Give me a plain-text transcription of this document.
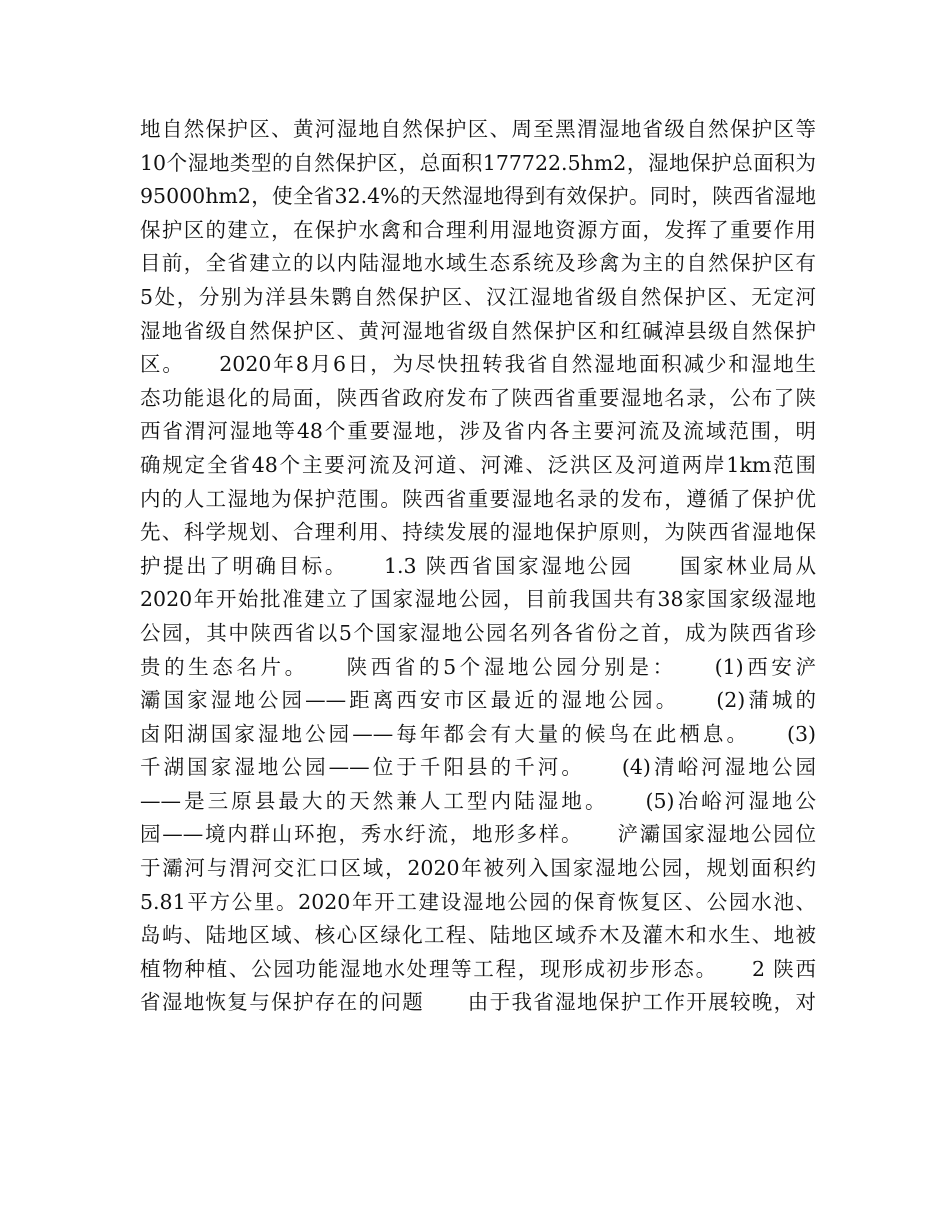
地自然保护区、黄河湿地自然保护区、周至黑渭湿地省级自然保护区等
10个湿地类型的自然保护区，总面积177722.5hm2，湿地保护总面积为
95000hm2，使全省32.4%的天然湿地得到有效保护。同时，陕西省湿地
保护区的建立，在保护水禽和合理利用湿地资源方面，发挥了重要作用
目前，全省建立的以内陆湿地水域生态系统及珍禽为主的自然保护区有
5处，分别为洋县朱鹮自然保护区、汉江湿地省级自然保护区、无定河
湿地省级自然保护区、黄河湿地省级自然保护区和红碱淖县级自然保护
区。　　2020年8月6日，为尽快扭转我省自然湿地面积减少和湿地生
态功能退化的局面，陕西省政府发布了陕西省重要湿地名录，公布了陕
西省渭河湿地等48个重要湿地，涉及省内各主要河流及流域范围，明
确规定全省48个主要河流及河道、河滩、泛洪区及河道两岸1km范围
内的人工湿地为保护范围。陕西省重要湿地名录的发布，遵循了保护优
先、科学规划、合理利用、持续发展的湿地保护原则，为陕西省湿地保
护提出了明确目标。　　1.3 陕西省国家湿地公园　　国家林业局从
2020年开始批准建立了国家湿地公园，目前我国共有38家国家级湿地
公园，其中陕西省以5个国家湿地公园名列各省份之首，成为陕西省珍
贵的生态名片。　　陕西省的5个湿地公园分别是：　　(1)西安浐
灞国家湿地公园——距离西安市区最近的湿地公园。　　(2)蒲城的
卤阳湖国家湿地公园——每年都会有大量的候鸟在此栖息。　　(3)
千湖国家湿地公园——位于千阳县的千河。　　(4)清峪河湿地公园
——是三原县最大的天然兼人工型内陆湿地。　　(5)冶峪河湿地公
园——境内群山环抱，秀水纡流，地形多样。　　浐灞国家湿地公园位
于灞河与渭河交汇口区域，2020年被列入国家湿地公园，规划面积约
5.81平方公里。2020年开工建设湿地公园的保育恢复区、公园水池、
岛屿、陆地区域、核心区绿化工程、陆地区域乔木及灌木和水生、地被
植物种植、公园功能湿地水处理等工程，现形成初步形态。　　2 陕西
省湿地恢复与保护存在的问题　　由于我省湿地保护工作开展较晚，对
